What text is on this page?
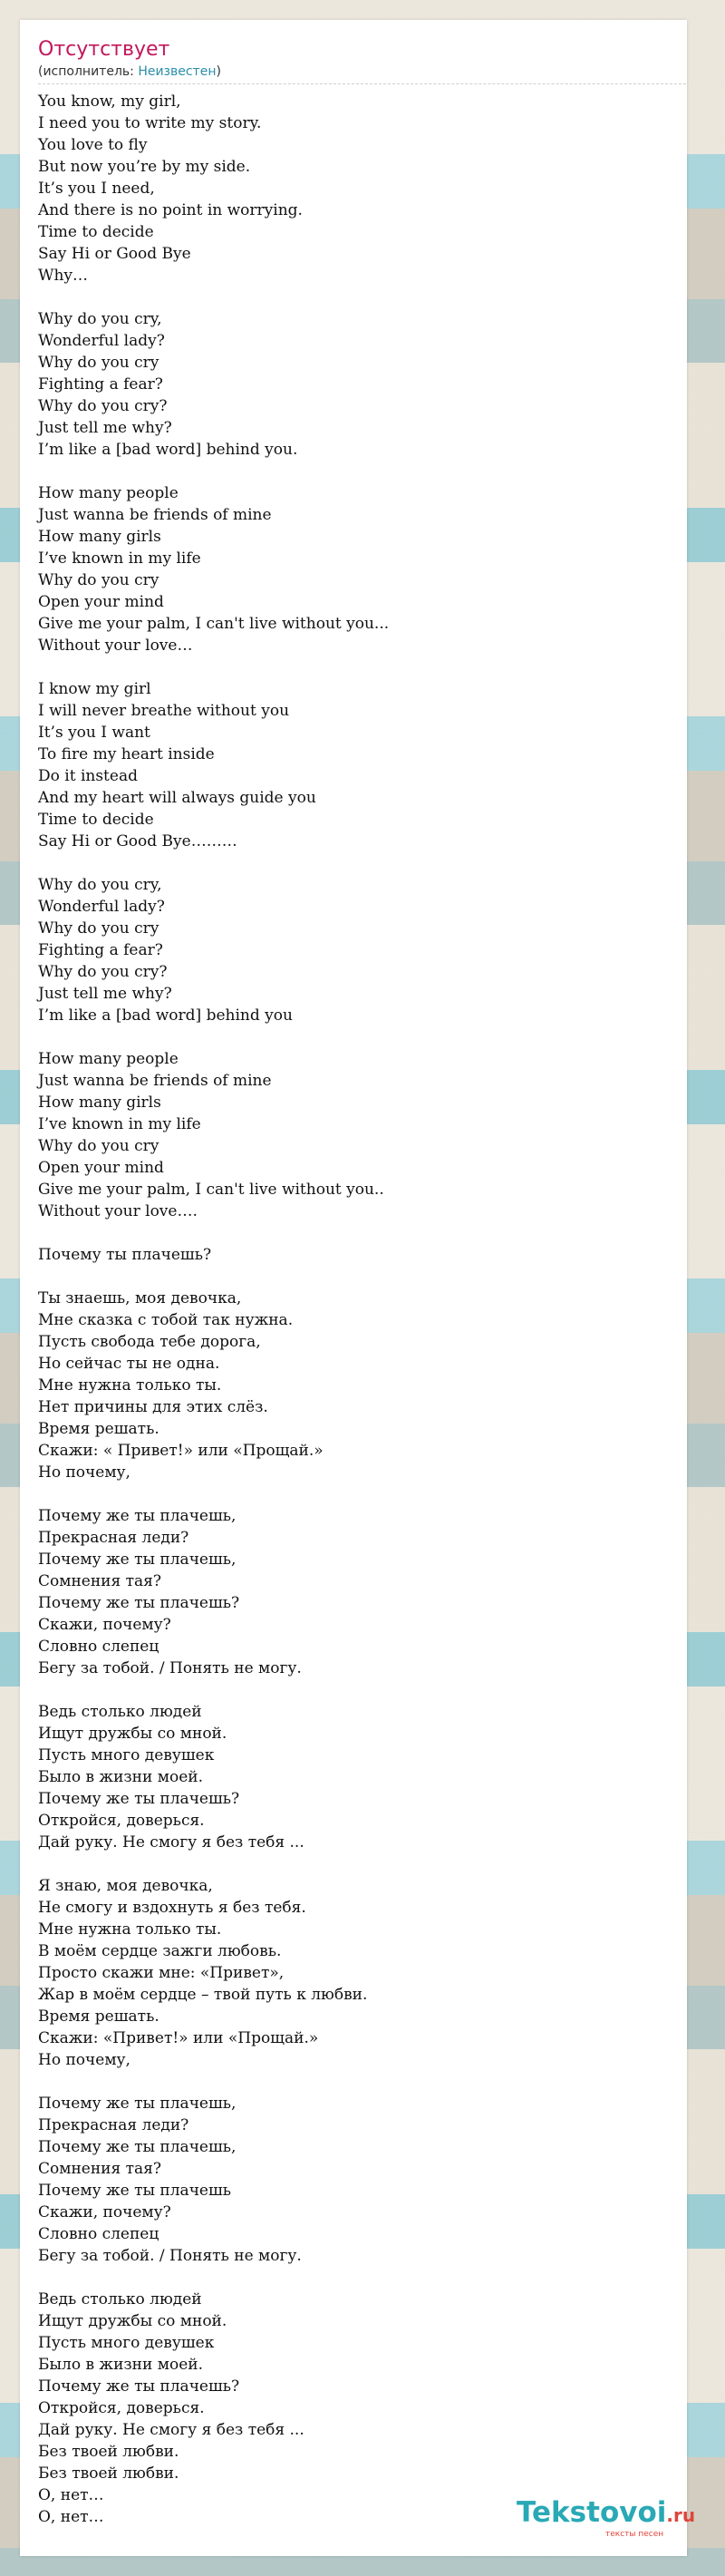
Отсутствует
(исполнитель: Неизвестен)
You know, my girl,
I need you to write my story.
You love to fly
But now you’re by my side.
It’s you I need,
And there is no point in worrying.
Time to decide
Say Hi or Good Bye
Why…

Why do you cry,
Wonderful lady?
Why do you cry
Fighting a fear?
Why do you cry?
Just tell me why?
I’m like a [bad word] behind you.

How many people
Just wanna be friends of mine
How many girls
I’ve known in my life
Why do you cry
Open your mind
Give me your palm, I can't live without you...
Without your love…

I know my girl
I will never breathe without you
It’s you I want
To fire my heart inside
Do it instead
And my heart will always guide you
Time to decide
Say Hi or Good Bye………

Why do you cry,
Wonderful lady?
Why do you cry
Fighting a fear?
Why do you cry?
Just tell me why?
I’m like a [bad word] behind you

How many people
Just wanna be friends of mine
How many girls
I’ve known in my life
Why do you cry
Open your mind
Give me your palm, I can't live without you..
Without your love….

Почему ты плачешь?

Ты знаешь, моя девочка,
Мне сказка с тобой так нужна.
Пусть свобода тебе дорога,
Но сейчас ты не одна.
Мне нужна только ты.
Нет причины для этих слёз.
Время решать.
Скажи: « Привет!» или «Прощай.»
Но почему,

Почему же ты плачешь,
Прекрасная леди?
Почему же ты плачешь,
Сомнения тая?
Почему же ты плачешь?
Скажи, почему?
Словно слепец
Бегу за тобой. / Понять не могу.

Ведь столько людей
Ищут дружбы со мной.
Пусть много девушек
Было в жизни моей.
Почему же ты плачешь?
Откройся, доверься.
Дай руку. Не смогу я без тебя ...

Я знаю, моя девочка,
Не смогу и вздохнуть я без тебя.
Мне нужна только ты.
В моём сердце зажги любовь.
Просто скажи мне: «Привет»,
Жар в моём сердце – твой путь к любви.
Время решать.
Скажи: «Привет!» или «Прощай.»
Но почему,

Почему же ты плачешь,
Прекрасная леди?
Почему же ты плачешь,
Сомнения тая?
Почему же ты плачешь
Скажи, почему?
Словно слепец
Бегу за тобой. / Понять не могу.

Ведь столько людей
Ищут дружбы со мной.
Пусть много девушек
Было в жизни моей.
Почему же ты плачешь?
Откройся, доверься.
Дай руку. Не смогу я без тебя ...
Без твоей любви.
Без твоей любви.
О, нет…
О, нет…	Tekstovoi.ru
тексты песен
